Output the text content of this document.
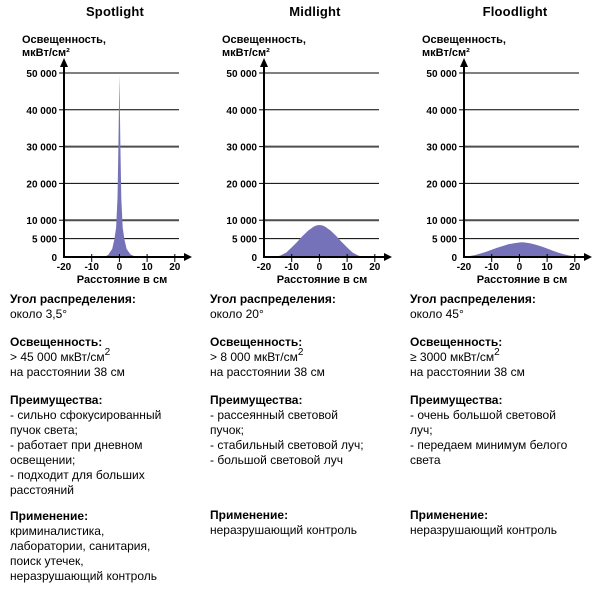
Spotlight
0
5 000
10 000
20 000
30 000
40 000
50 000
-20 -10 0 10 20
Расстояние в см
Освещенность,
мкВт/см²
Угол распределения:
около 3,5°
Освещенность:
> 45 000 мкВт/$см^2$
на расстоянии 38 см
Преимущества:
- сильно сфокусированный
пучок света;
- работает при дневном
освещении;
- подходит для больших
расстояний
Применение:
криминалистика,
лаборатории, санитария,
поиск утечек,
неразрушающий контроль
Midlight
0
5 000
10 000
20 000
30 000
40 000
50 000
-20 -10 0 10 20
Расстояние в см
Освещенность,
мкВт/см²
Угол распределения:
около 20°
Освещенность:
> 8 000 мкВт/$см^2$
на расстоянии 38 см
Преимущества:
- рассеянный световой
пучок;
- стабильный световой луч;
- большой световой луч
Применение:
неразрушающий контроль
Floodlight
0
5 000
10 000
20 000
30 000
40 000
50 000
-20 -10 0 10 20
Расстояние в см
Освещенность,
мкВт/см²
Угол распределения:
около 45°
Освещенность:
≥ 3000 мкВт/$см^2$
на расстоянии 38 см
Преимущества:
- очень большой световой
луч;
- передаем минимум белого
света
Применение:
неразрушающий контроль
